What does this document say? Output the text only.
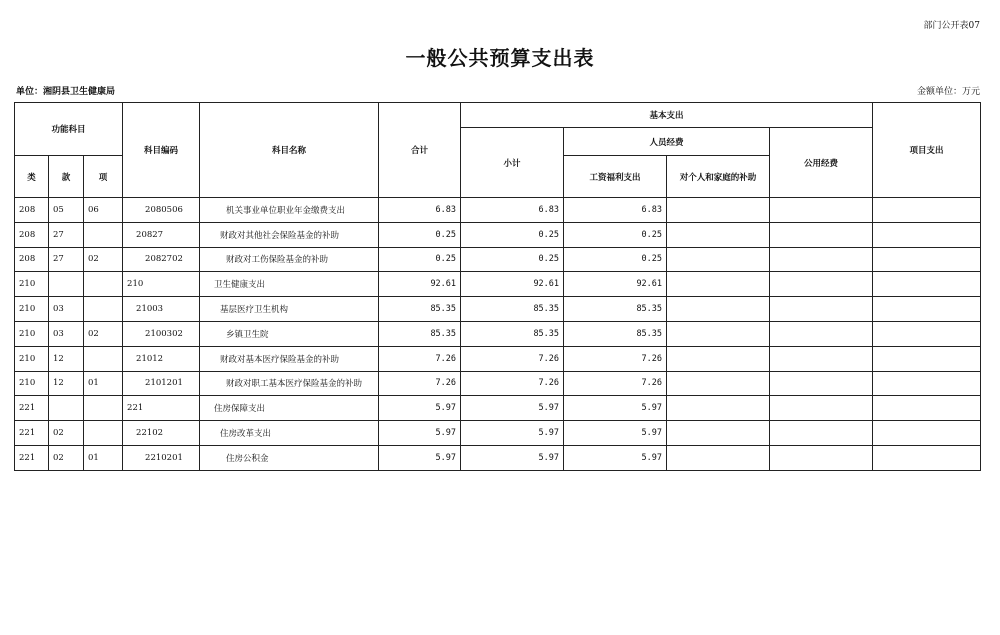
部门公开表07
一般公共预算支出表
单位：湘阴县卫生健康局	金额单位：万元
功能科目			科目编码	科目名称	合计	基本支出				项目支出
						小计	人员经费		公用经费	
类	款	项					工资福利支出	对个人和家庭的补助		
208	05	06	2080506	机关事业单位职业年金缴费支出	6.83	6.83	6.83			
208	27		20827	财政对其他社会保险基金的补助	0.25	0.25	0.25			
208	27	02	2082702	财政对工伤保险基金的补助	0.25	0.25	0.25			
210			210	卫生健康支出	92.61	92.61	92.61			
210	03		21003	基层医疗卫生机构	85.35	85.35	85.35			
210	03	02	2100302	乡镇卫生院	85.35	85.35	85.35			
210	12		21012	财政对基本医疗保险基金的补助	7.26	7.26	7.26			
210	12	01	2101201	财政对职工基本医疗保险基金的补助	7.26	7.26	7.26			
221			221	住房保障支出	5.97	5.97	5.97			
221	02		22102	住房改革支出	5.97	5.97	5.97			
221	02	01	2210201	住房公积金	5.97	5.97	5.97			
